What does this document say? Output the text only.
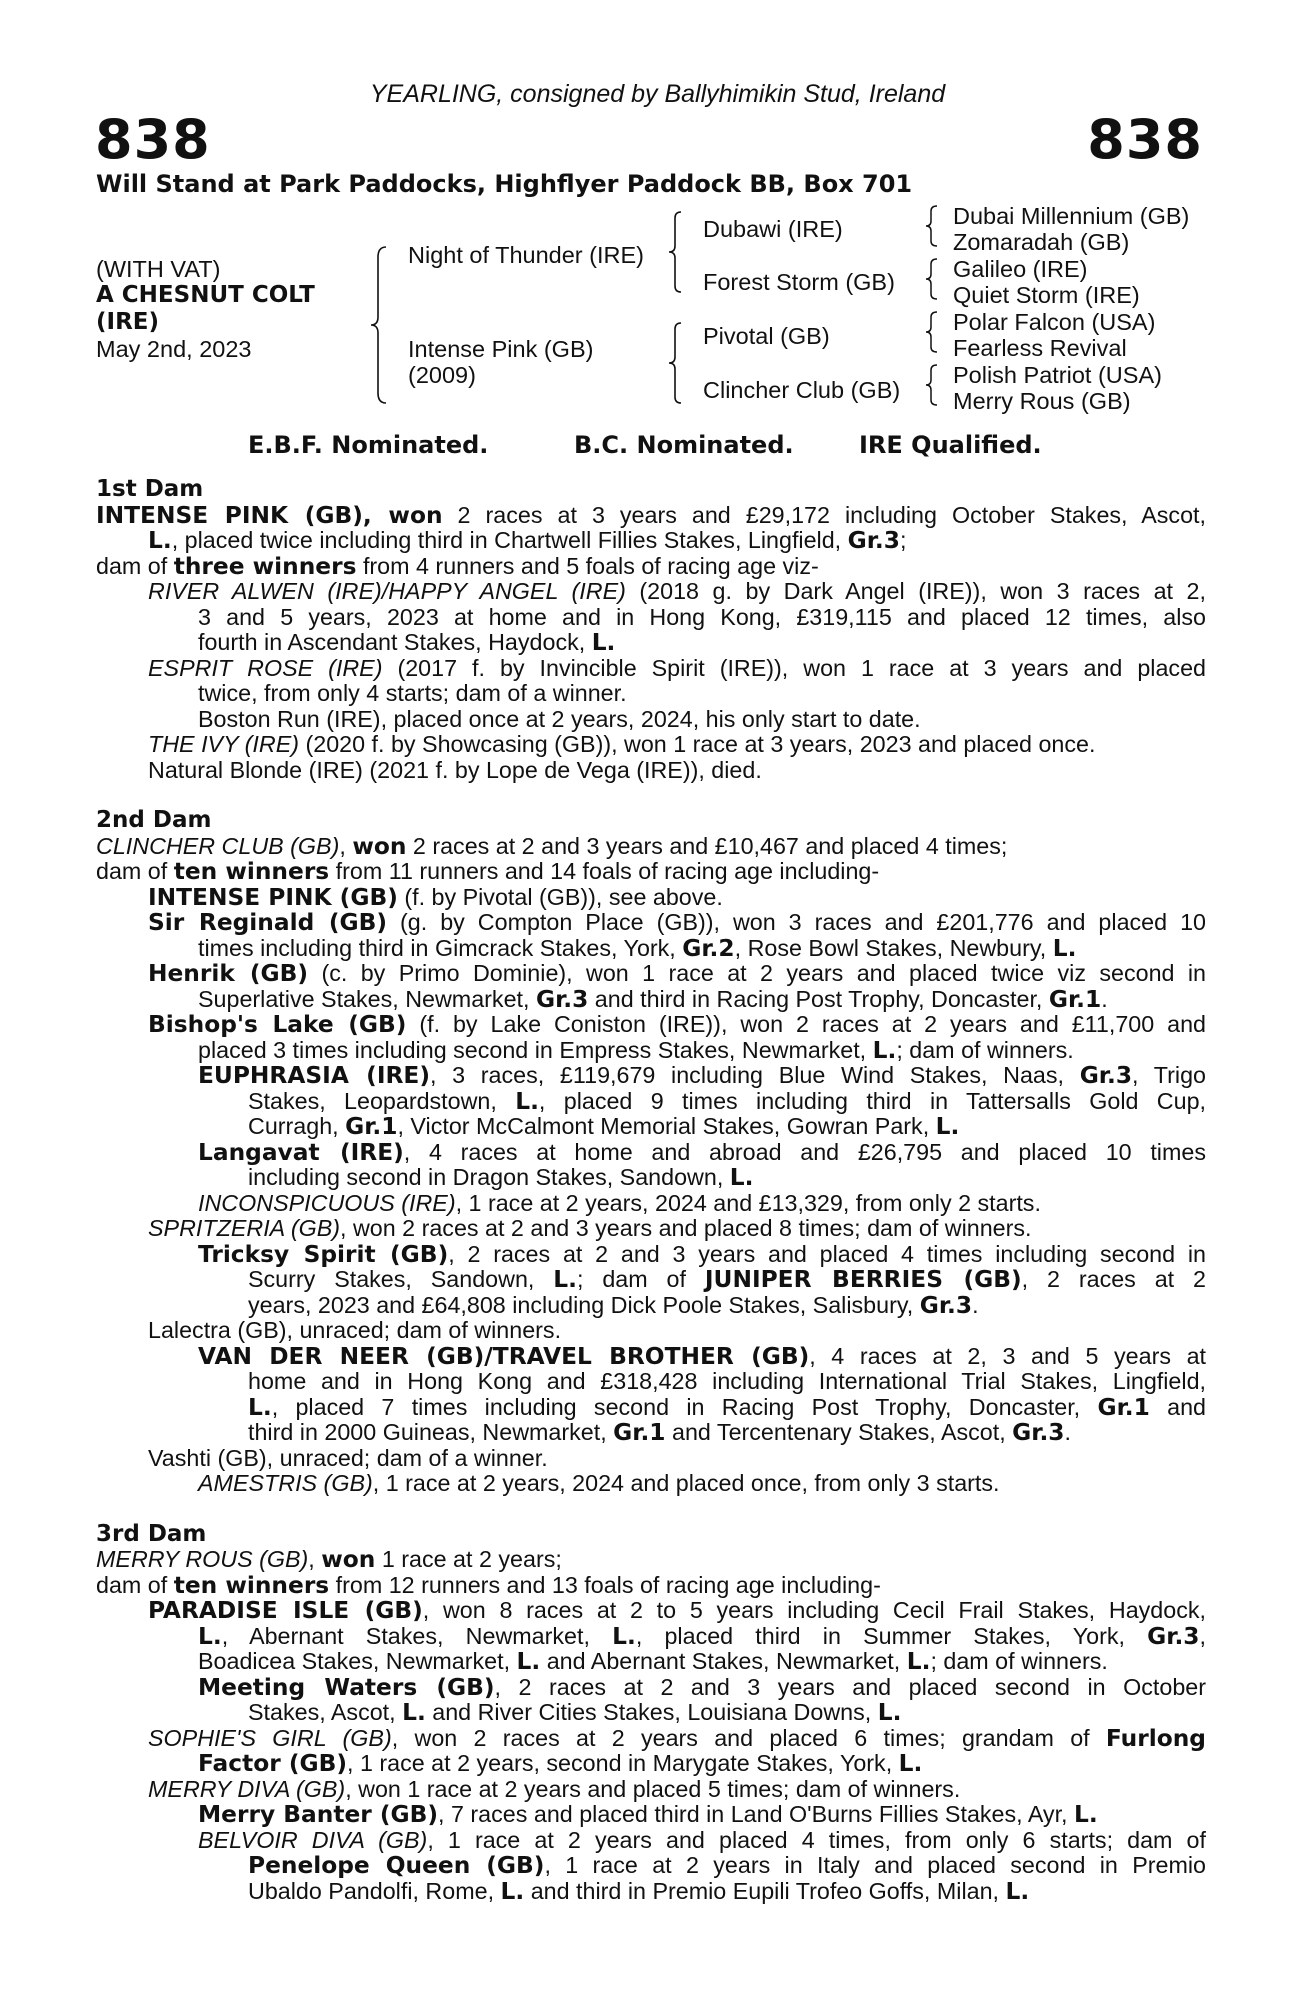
YEARLING, consigned by Ballyhimikin Stud, Ireland
838	838
Will Stand at Park Paddocks, Highflyer Paddock BB, Box 701
(WITH VAT)
A CHESNUT COLT
(IRE)
May 2nd, 2023
Night of Thunder (IRE)
Intense Pink (GB)
(2009)
Dubawi (IRE)
Forest Storm (GB)
Pivotal (GB)
Clincher Club (GB)
Dubai Millennium (GB)
Zomaradah (GB)
Galileo (IRE)
Quiet Storm (IRE)
Polar Falcon (USA)
Fearless Revival
Polish Patriot (USA)
Merry Rous (GB)
E.B.F. Nominated.	B.C. Nominated.	IRE Qualified.
1st Dam
INTENSE PINK (GB), won 2 races at 3 years and £29,172 including October Stakes, Ascot,
L., placed twice including third in Chartwell Fillies Stakes, Lingfield, Gr.3;
dam of three winners from 4 runners and 5 foals of racing age viz-
RIVER ALWEN (IRE)/HAPPY ANGEL (IRE) (2018 g. by Dark Angel (IRE)), won 3 races at 2,
3 and 5 years, 2023 at home and in Hong Kong, £319,115 and placed 12 times, also
fourth in Ascendant Stakes, Haydock, L.
ESPRIT ROSE (IRE) (2017 f. by Invincible Spirit (IRE)), won 1 race at 3 years and placed
twice, from only 4 starts; dam of a winner.
Boston Run (IRE), placed once at 2 years, 2024, his only start to date.
THE IVY (IRE) (2020 f. by Showcasing (GB)), won 1 race at 3 years, 2023 and placed once.
Natural Blonde (IRE) (2021 f. by Lope de Vega (IRE)), died.
2nd Dam
CLINCHER CLUB (GB), won 2 races at 2 and 3 years and £10,467 and placed 4 times;
dam of ten winners from 11 runners and 14 foals of racing age including-
INTENSE PINK (GB) (f. by Pivotal (GB)), see above.
Sir Reginald (GB) (g. by Compton Place (GB)), won 3 races and £201,776 and placed 10
times including third in Gimcrack Stakes, York, Gr.2, Rose Bowl Stakes, Newbury, L.
Henrik (GB) (c. by Primo Dominie), won 1 race at 2 years and placed twice viz second in
Superlative Stakes, Newmarket, Gr.3 and third in Racing Post Trophy, Doncaster, Gr.1.
Bishop's Lake (GB) (f. by Lake Coniston (IRE)), won 2 races at 2 years and £11,700 and
placed 3 times including second in Empress Stakes, Newmarket, L.; dam of winners.
EUPHRASIA (IRE), 3 races, £119,679 including Blue Wind Stakes, Naas, Gr.3, Trigo
Stakes, Leopardstown, L., placed 9 times including third in Tattersalls Gold Cup,
Curragh, Gr.1, Victor McCalmont Memorial Stakes, Gowran Park, L.
Langavat (IRE), 4 races at home and abroad and £26,795 and placed 10 times
including second in Dragon Stakes, Sandown, L.
INCONSPICUOUS (IRE), 1 race at 2 years, 2024 and £13,329, from only 2 starts.
SPRITZERIA (GB), won 2 races at 2 and 3 years and placed 8 times; dam of winners.
Tricksy Spirit (GB), 2 races at 2 and 3 years and placed 4 times including second in
Scurry Stakes, Sandown, L.; dam of JUNIPER BERRIES (GB), 2 races at 2
years, 2023 and £64,808 including Dick Poole Stakes, Salisbury, Gr.3.
Lalectra (GB), unraced; dam of winners.
VAN DER NEER (GB)/TRAVEL BROTHER (GB), 4 races at 2, 3 and 5 years at
home and in Hong Kong and £318,428 including International Trial Stakes, Lingfield,
L., placed 7 times including second in Racing Post Trophy, Doncaster, Gr.1 and
third in 2000 Guineas, Newmarket, Gr.1 and Tercentenary Stakes, Ascot, Gr.3.
Vashti (GB), unraced; dam of a winner.
AMESTRIS (GB), 1 race at 2 years, 2024 and placed once, from only 3 starts.
3rd Dam
MERRY ROUS (GB), won 1 race at 2 years;
dam of ten winners from 12 runners and 13 foals of racing age including-
PARADISE ISLE (GB), won 8 races at 2 to 5 years including Cecil Frail Stakes, Haydock,
L., Abernant Stakes, Newmarket, L., placed third in Summer Stakes, York, Gr.3,
Boadicea Stakes, Newmarket, L. and Abernant Stakes, Newmarket, L.; dam of winners.
Meeting Waters (GB), 2 races at 2 and 3 years and placed second in October
Stakes, Ascot, L. and River Cities Stakes, Louisiana Downs, L.
SOPHIE'S GIRL (GB), won 2 races at 2 years and placed 6 times; grandam of Furlong
Factor (GB), 1 race at 2 years, second in Marygate Stakes, York, L.
MERRY DIVA (GB), won 1 race at 2 years and placed 5 times; dam of winners.
Merry Banter (GB), 7 races and placed third in Land O'Burns Fillies Stakes, Ayr, L.
BELVOIR DIVA (GB), 1 race at 2 years and placed 4 times, from only 6 starts; dam of
Penelope Queen (GB), 1 race at 2 years in Italy and placed second in Premio
Ubaldo Pandolfi, Rome, L. and third in Premio Eupili Trofeo Goffs, Milan, L.
